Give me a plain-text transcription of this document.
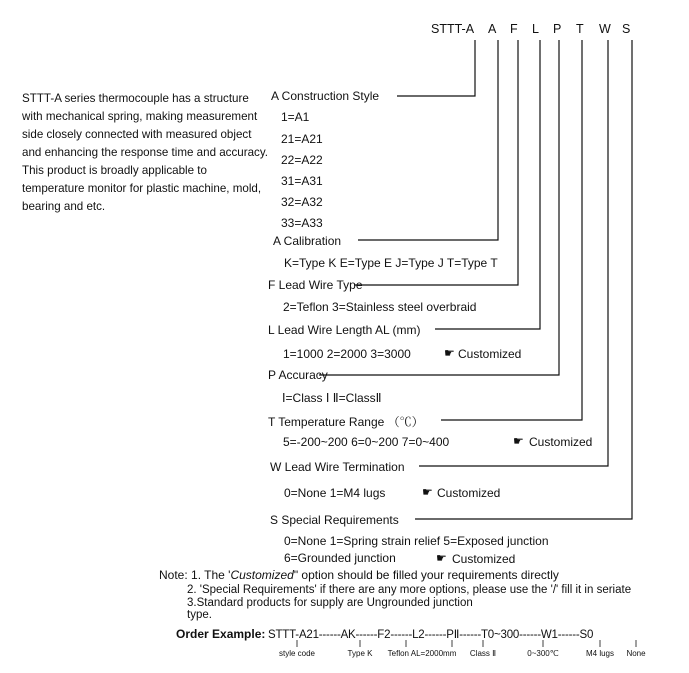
STTT-A A F L P T W S
STTT-A series thermocouple has a structure with mechanical spring, making measurement side closely connected with measured object and enhancing the response time and accuracy. This product is broadly applicable to temperature monitor for plastic machine, mold, bearing and etc.
A Construction Style
1=A1
21=A21
22=A22
31=A31
32=A32
33=A33
A Calibration
K=Type K E=Type E J=Type J T=Type T
F Lead Wire Type
2=Teflon 3=Stainless steel overbraid
L Lead Wire Length AL (mm)
1=1000 2=2000 3=3000	☛ Customized
P Accuracy
Ⅰ=Class Ⅰ Ⅱ=ClassⅡ
T Temperature Range （℃）
5=-200~200 6=0~200 7=0~400	☛ Customized
W Lead Wire Termination
0=None 1=M4 lugs	☛ Customized
S Special Requirements
0=None 1=Spring strain relief 5=Exposed junction
6=Grounded junction	☛ Customized
Note: 1. The 'Customized" option should be filled your requirements directly
2. 'Special Requirements' if there are any more options, please use the '/' fill it in seriate
3.Standard products for supply are Ungrounded junction
type.
Order Example: STTT-A21------AK------F2------L2------PⅡ------T0~300------W1------S0
style code	Type K	Teflon AL=2000mm	Class Ⅱ	0~300℃	M4 lugs	None
